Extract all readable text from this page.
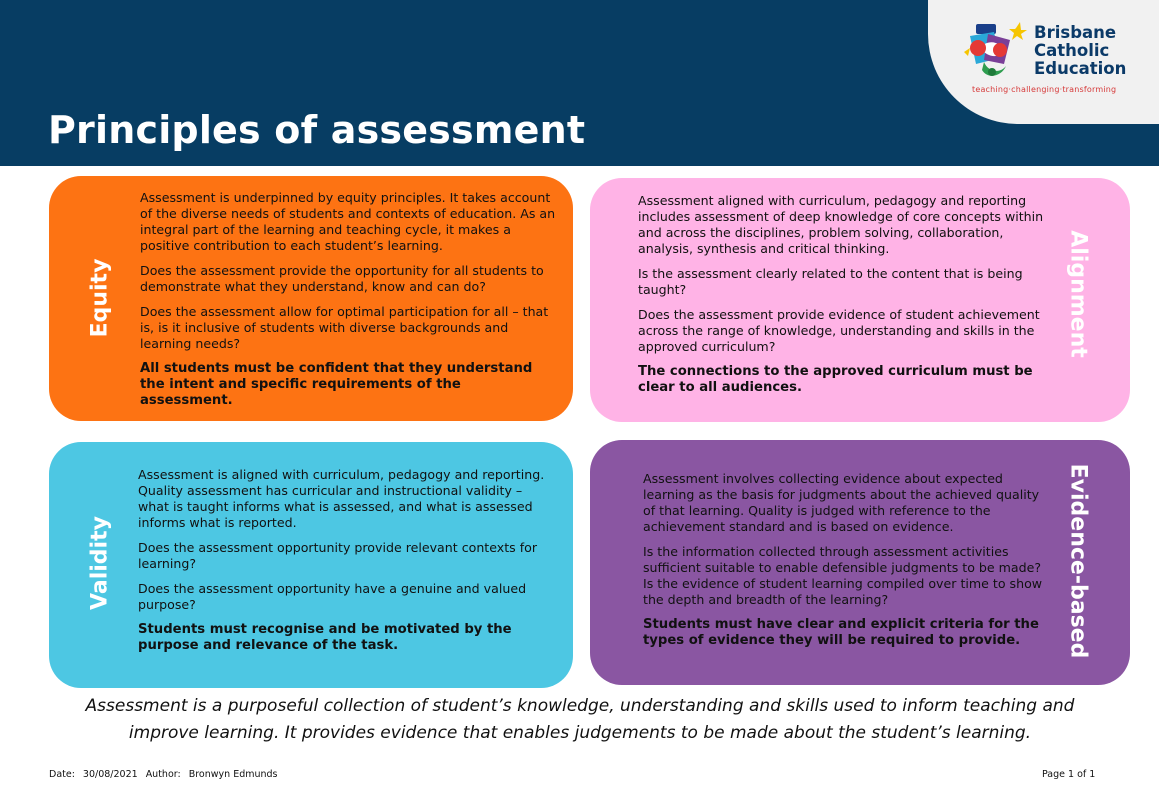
Brisbane
Catholic
Education
teaching·challenging·transforming
Principles of assessment
Equity

Assessment is underpinned by equity principles. It takes account of the diverse needs of students and contexts of education. As an integral part of the learning and teaching cycle, it makes a positive contribution to each student’s learning.

Does the assessment provide the opportunity for all students to demonstrate what they understand, know and can do?

Does the assessment allow for optimal participation for all – that is, is it inclusive of students with diverse backgrounds and learning needs?

All students must be confident that they understand the intent and specific requirements of the assessment.

Alignment

Assessment aligned with curriculum, pedagogy and reporting includes assessment of deep knowledge of core concepts within and across the disciplines, problem solving, collaboration, analysis, synthesis and critical thinking.

Is the assessment clearly related to the content that is being taught?

Does the assessment provide evidence of student achievement across the range of knowledge, understanding and skills in the approved curriculum?

The connections to the approved curriculum must be clear to all audiences.

Validity

Assessment is aligned with curriculum, pedagogy and reporting. Quality assessment has curricular and instructional validity – what is taught informs what is assessed, and what is assessed informs what is reported.

Does the assessment opportunity provide relevant contexts for learning?

Does the assessment opportunity have a genuine and valued purpose?

Students must recognise and be motivated by the purpose and relevance of the task.	Evidence-based

Assessment involves collecting evidence about expected learning as the basis for judgments about the achieved quality of that learning. Quality is judged with reference to the achievement standard and is based on evidence.

Is the information collected through assessment activities sufficient suitable to enable defensible judgments to be made? Is the evidence of student learning compiled over time to show the depth and breadth of the learning?

Students must have clear and explicit criteria for the types of evidence they will be required to provide.

Assessment is a purposeful collection of student’s knowledge, understanding and skills used to inform teaching and
improve learning. It provides evidence that enables judgements to be made about the student’s learning.
Date: 30/08/2021 Author: Bronwyn Edmunds	Page 1 of 1
